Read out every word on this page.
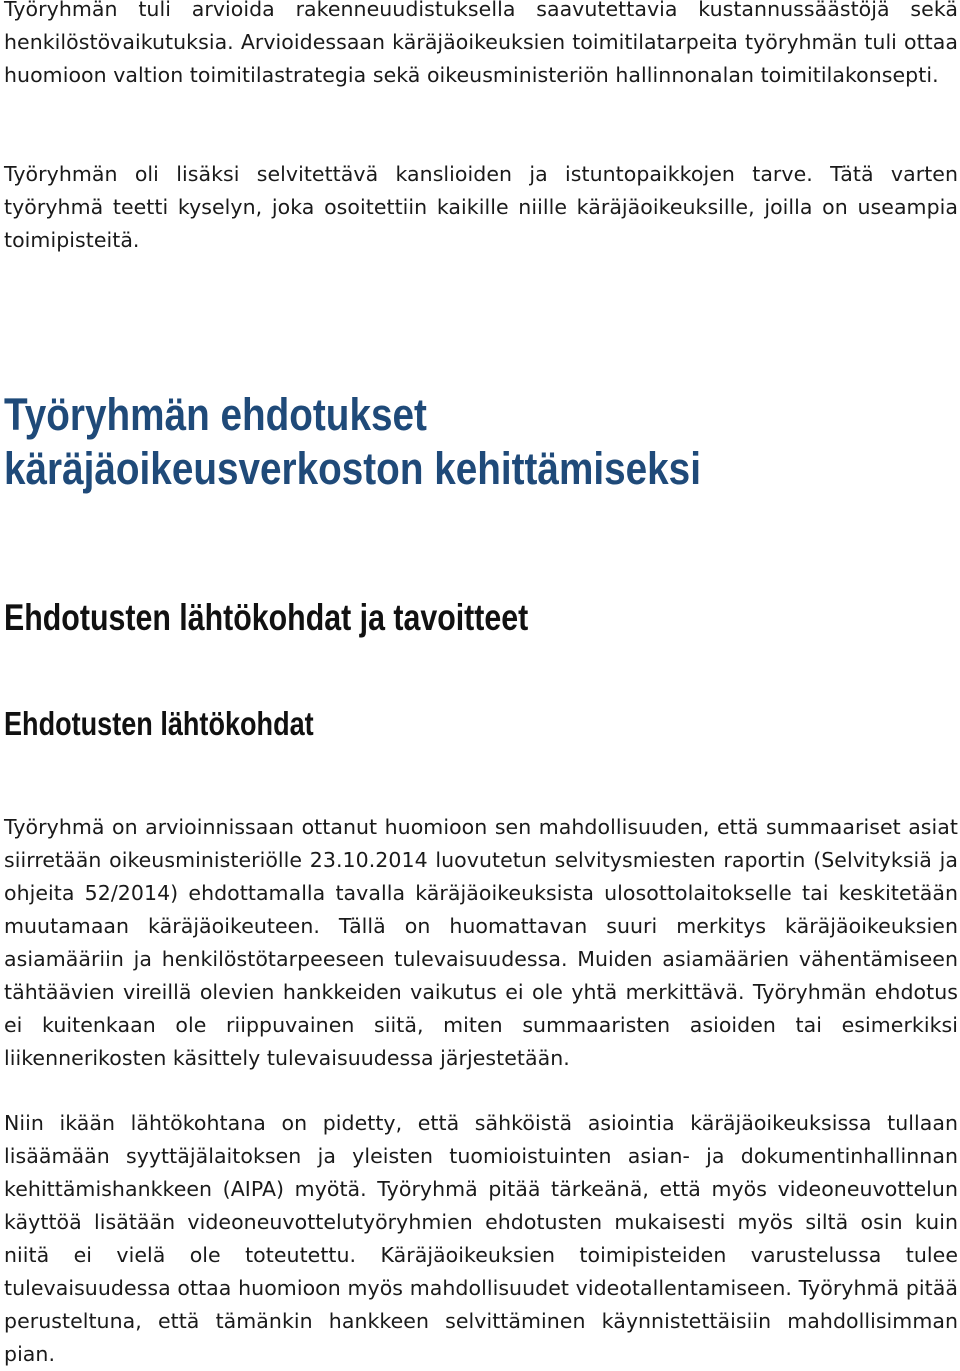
Työryhmän tuli arvioida rakenneuudistuksella saavutettavia kustannussäästöjä sekä henkilöstövaikutuksia. Arvioidessaan käräjäoikeuksien toimitilatarpeita työryhmän tuli ottaa huomioon valtion toimitilastrategia sekä oikeusministeriön hallinnonalan toimitilakonsepti.

Työryhmän oli lisäksi selvitettävä kanslioiden ja istuntopaikkojen tarve. Tätä varten työryhmä teetti kyselyn, joka osoitettiin kaikille niille käräjäoikeuksille, joilla on useampia toimipisteitä.

Työryhmän ehdotukset käräjäoikeusverkoston kehittämiseksi
Ehdotusten lähtökohdat ja tavoitteet
Ehdotusten lähtökohdat

Työryhmä on arvioinnissaan ottanut huomioon sen mahdollisuuden, että summaariset asiat siirretään oikeusministeriölle 23.10.2014 luovutetun selvitysmiesten raportin (Selvityksiä ja ohjeita 52/2014) ehdottamalla tavalla käräjäoikeuksista ulosottolaitokselle tai keskitetään muutamaan käräjäoikeuteen. Tällä on huomattavan suuri merkitys käräjäoikeuksien asiamääriin ja henkilöstötarpeeseen tulevaisuudessa. Muiden asiamäärien vähentämiseen tähtäävien vireillä olevien hankkeiden vaikutus ei ole yhtä merkittävä. Työryhmän ehdotus ei kuitenkaan ole riippuvainen siitä, miten summaaristen asioiden tai esimerkiksi liikennerikosten käsittely tulevaisuudessa järjestetään.

Niin ikään lähtökohtana on pidetty, että sähköistä asiointia käräjäoikeuksissa tullaan lisäämään syyttäjälaitoksen ja yleisten tuomioistuinten asian- ja dokumentinhallinnan kehittämishankkeen (AIPA) myötä. Työryhmä pitää tärkeänä, että myös videoneuvottelun käyttöä lisätään videoneuvottelutyöryhmien ehdotusten mukaisesti myös siltä osin kuin niitä ei vielä ole toteutettu. Käräjäoikeuksien toimipisteiden varustelussa tulee tulevaisuudessa ottaa huomioon myös mahdollisuudet videotallentamiseen. Työryhmä pitää perusteltuna, että tämänkin hankkeen selvittäminen käynnistettäisiin mahdollisimman pian.
